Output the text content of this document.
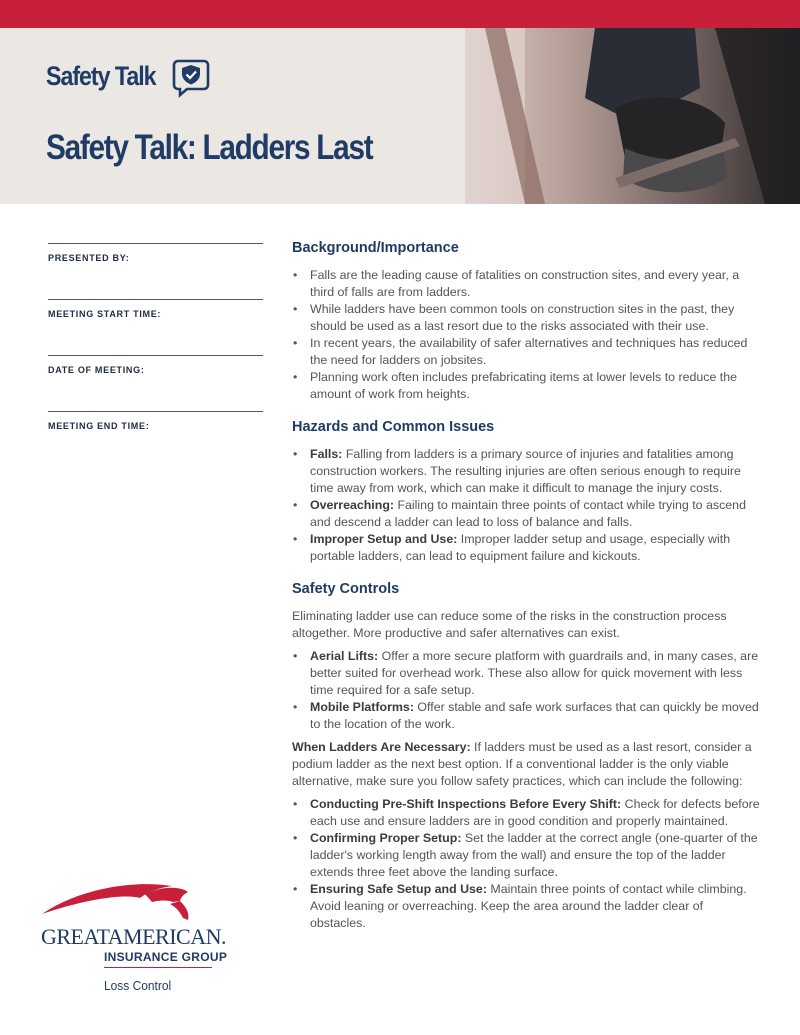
Safety Talk
Safety Talk: Ladders Last
PRESENTED BY:
MEETING START TIME:
DATE OF MEETING:
MEETING END TIME:
Background/Importance
• Falls are the leading cause of fatalities on construction sites, and every year, a third of falls are from ladders.
• While ladders have been common tools on construction sites in the past, they should be used as a last resort due to the risks associated with their use.
• In recent years, the availability of safer alternatives and techniques has reduced the need for ladders on jobsites.
• Planning work often includes prefabricating items at lower levels to reduce the amount of work from heights.
Hazards and Common Issues
• Falls: Falling from ladders is a primary source of injuries and fatalities among construction workers. The resulting injuries are often serious enough to require time away from work, which can make it difficult to manage the injury costs.
• Overreaching: Failing to maintain three points of contact while trying to ascend and descend a ladder can lead to loss of balance and falls.
• Improper Setup and Use: Improper ladder setup and usage, especially with portable ladders, can lead to equipment failure and kickouts.
Safety Controls

Eliminating ladder use can reduce some of the risks in the construction process altogether. More productive and safer alternatives can exist.

• Aerial Lifts: Offer a more secure platform with guardrails and, in many cases, are better suited for overhead work. These also allow for quick movement with less time required for a safe setup.
• Mobile Platforms: Offer stable and safe work surfaces that can quickly be moved to the location of the work.

When Ladders Are Necessary: If ladders must be used as a last resort, consider a podium ladder as the next best option. If a conventional ladder is the only viable alternative, make sure you follow safety practices, which can include the following:

• Conducting Pre-Shift Inspections Before Every Shift: Check for defects before each use and ensure ladders are in good condition and properly maintained.
• Confirming Proper Setup: Set the ladder at the correct angle (one-quarter of the ladder's working length away from the wall) and ensure the top of the ladder extends three feet above the landing surface.
• Ensuring Safe Setup and Use: Maintain three points of contact while climbing. Avoid leaning or overreaching. Keep the area around the ladder clear of obstacles.
GREATAMERICAN.
INSURANCE GROUP
Loss Control
